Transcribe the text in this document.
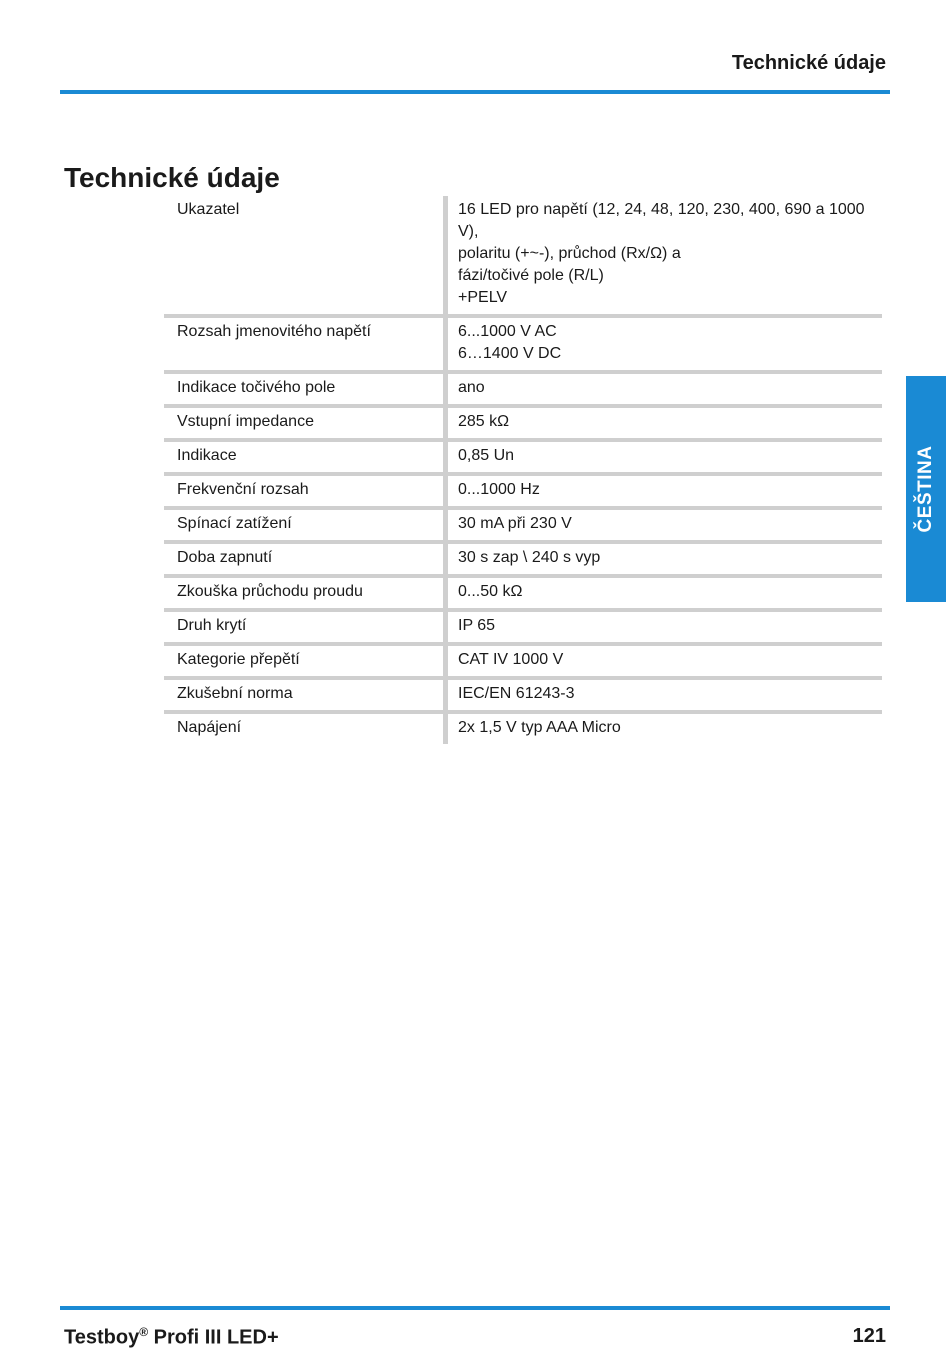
Technické údaje
Technické údaje
Ukazatel	16 LED pro napětí (12, 24, 48, 120, 230, 400, 690 a 1000 V),
polaritu (+~-), průchod (Rx/Ω) a
fázi/točivé pole (R/L)
+PELV

Rozsah jmenovitého napětí	6...1000 V AC
6…1400 V DC

Indikace točivého pole	ano

Vstupní impedance	285 kΩ

Indikace	0,85 Un

Frekvenční rozsah	0...1000 Hz

Spínací zatížení	30 mA při 230 V

Doba zapnutí	30 s zap \ 240 s vyp

Zkouška průchodu proudu	0...50 kΩ

Druh krytí	IP 65

Kategorie přepětí	CAT IV 1000 V

Zkušební norma	IEC/EN 61243-3

Napájení	2x 1,5 V typ AAA Micro
ČEŠTINA
Testboy® Profi III LED+	121
